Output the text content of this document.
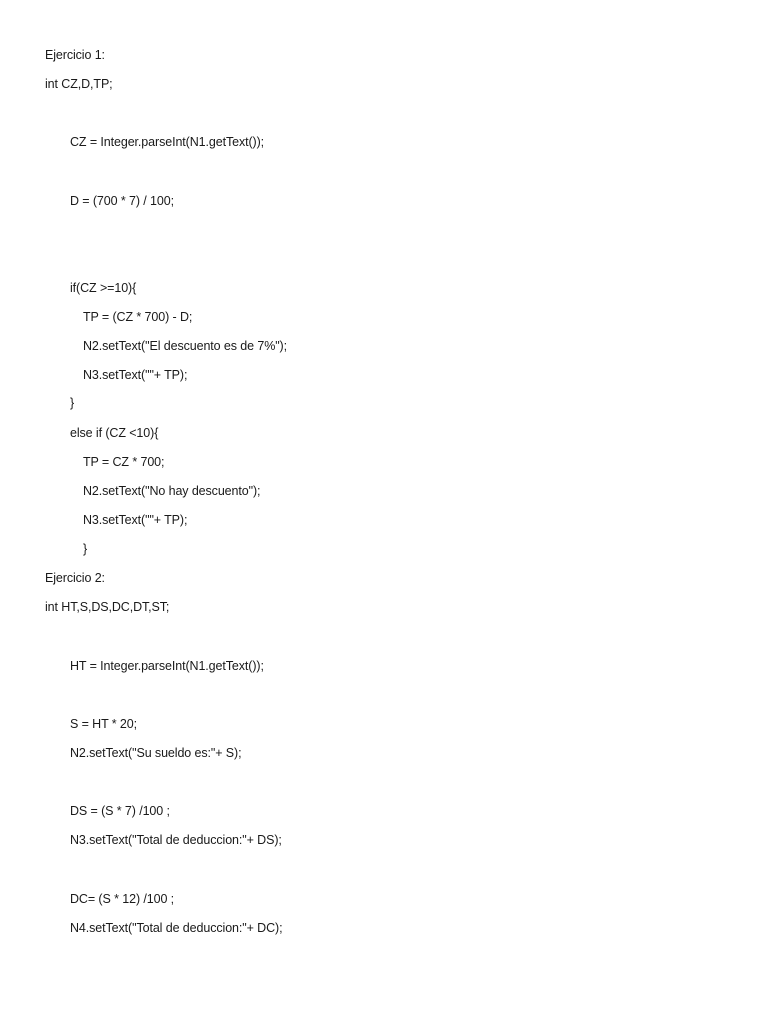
Ejercicio 1:
int CZ,D,TP;
CZ = Integer.parseInt(N1.getText());
D = (700 * 7) / 100;
if(CZ >=10){
TP = (CZ * 700) - D;
N2.setText("El descuento es de 7%");
N3.setText(""+ TP);
}
else if (CZ <10){
TP = CZ * 700;
N2.setText("No hay descuento");
N3.setText(""+ TP);
}
Ejercicio 2:
int HT,S,DS,DC,DT,ST;
HT = Integer.parseInt(N1.getText());
S = HT * 20;
N2.setText("Su sueldo es:"+ S);
DS = (S * 7) /100 ;
N3.setText("Total de deduccion:"+ DS);
DC= (S * 12) /100 ;
N4.setText("Total de deduccion:"+ DC);
